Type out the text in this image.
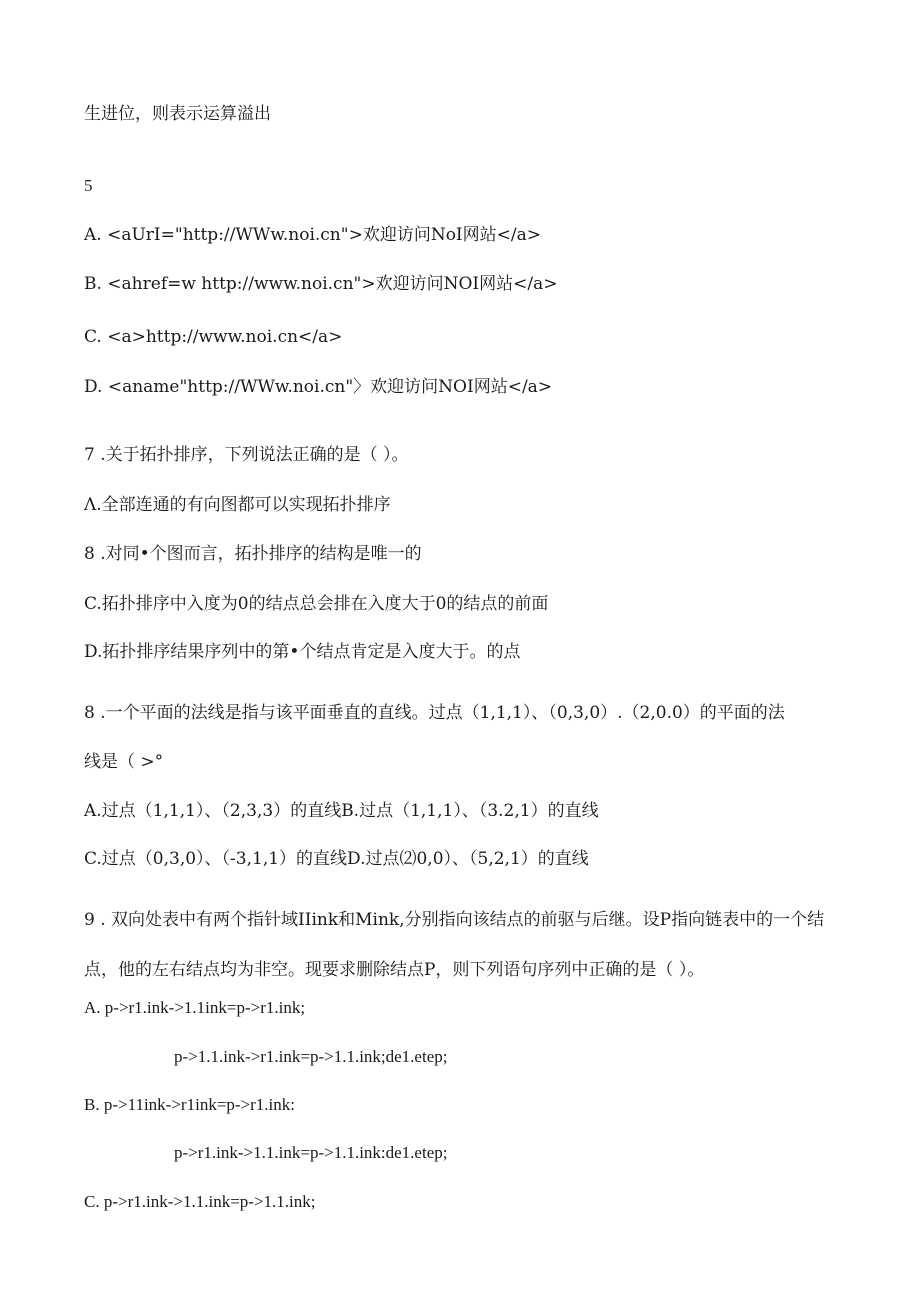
生进位，则表示运算溢出
5
A. <aUrI="http://WWw.noi.cn">欢迎访问NoI网站</a>
B. <ahref=w http://www.noi.cn">欢迎访问NOI网站</a>
C. <a>http://www.noi.cn</a>
D. <aname"http://WWw.noi.cn"〉欢迎访问NOI网站</a>
7 .关于拓扑排序，下列说法正确的是（ ）。
Λ.全部连通的有向图都可以实现拓扑排序
8 .对同•个图而言，拓扑排序的结构是唯一的
C.拓扑排序中入度为0的结点总会排在入度大于0的结点的前面
D.拓扑排序结果序列中的第•个结点肯定是入度大于。的点
8 .一个平面的法线是指与该平面垂直的直线。过点（1,1,1）、（0,3,0）.（2,0.0）的平面的法
线是（ >°
A.过点（1,1,1）、（2,3,3）的直线B.过点（1,1,1）、（3.2,1）的直线
C.过点（0,3,0）、（-3,1,1）的直线D.过点⑵0,0）、（5,2,1）的直线
9 . 双向处表中有两个指针域IIink和Mink,分别指向该结点的前驱与后继。设P指向链表中的一个结
点，他的左右结点均为非空。现要求删除结点P，则下列语句序列中正确的是（ ）。
A. p->r1.ink->1.1ink=p->r1.ink;
p->1.1.ink->r1.ink=p->1.1.ink;de1.etep;
B. p->11ink->r1ink=p->r1.ink:
p->r1.ink->1.1.ink=p->1.1.ink:de1.etep;
C. p->r1.ink->1.1.ink=p->1.1.ink;
